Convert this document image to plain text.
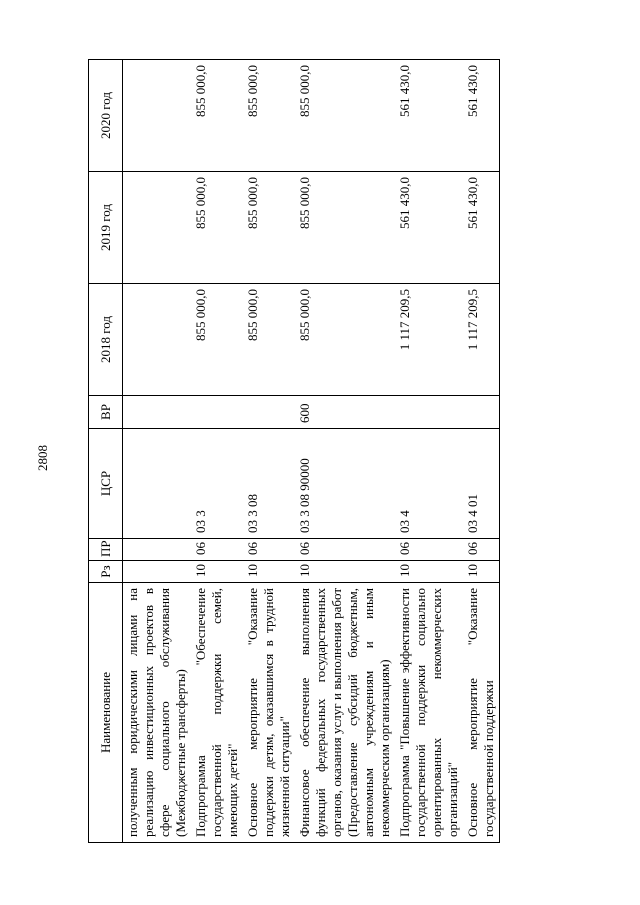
2808
Наименование	Рз	ПР	ЦСР	ВР	2018 год	2019 год	2020 год
полученным юридическими лицами на реализацию инвестиционных проектов в сфере социального обслуживания (Межбюджетные трансферты)							
Подпрограмма "Обеспечение государственной поддержки семей, имеющих детей"	10	06	03 3		855 000,0	855 000,0	855 000,0
Основное мероприятие "Оказание поддержки детям, оказавшимся в трудной жизненной ситуации"	10	06	03 3 08		855 000,0	855 000,0	855 000,0
Финансовое обеспечение выполнения функций федеральных государственных органов, оказания услуг и выполнения работ (Предоставление субсидий бюджетным, автономным учреждениям и иным некоммерческим организациям)	10	06	03 3 08 90000	600	855 000,0	855 000,0	855 000,0
Подпрограмма "Повышение эффективности государственной поддержки социально ориентированных некоммерческих организаций"	10	06	03 4		1 117 209,5	561 430,0	561 430,0
Основное мероприятие "Оказание государственной поддержки	10	06	03 4 01		1 117 209,5	561 430,0	561 430,0
